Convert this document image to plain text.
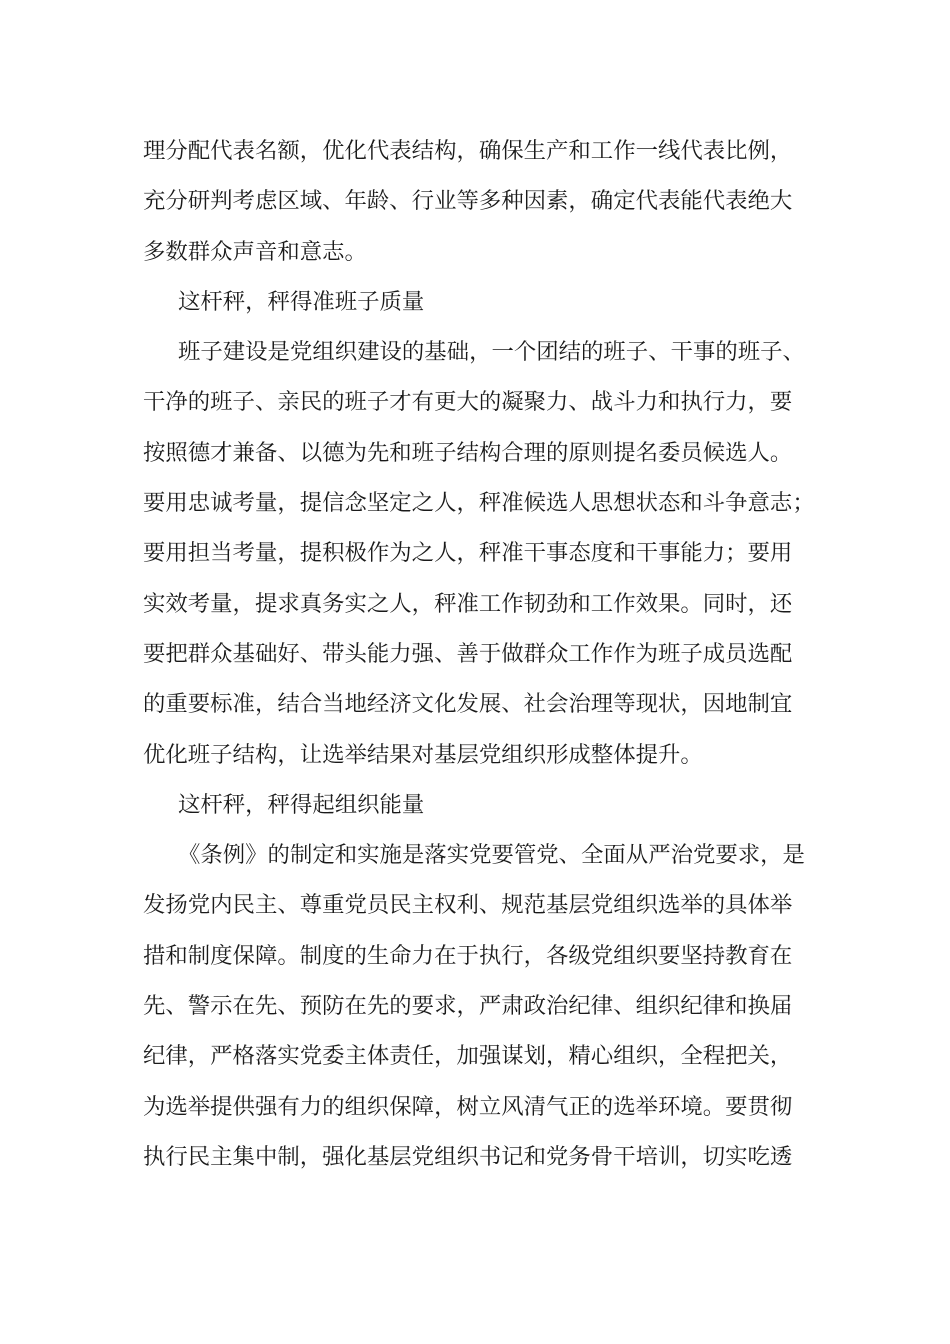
理分配代表名额，优化代表结构，确保生产和工作一线代表比例，
充分研判考虑区域、年龄、行业等多种因素，确定代表能代表绝大
多数群众声音和意志。
这杆秤，秤得准班子质量
班子建设是党组织建设的基础，一个团结的班子、干事的班子、
干净的班子、亲民的班子才有更大的凝聚力、战斗力和执行力，要
按照德才兼备、以德为先和班子结构合理的原则提名委员候选人。
要用忠诚考量，提信念坚定之人，秤准候选人思想状态和斗争意志；
要用担当考量，提积极作为之人，秤准干事态度和干事能力；要用
实效考量，提求真务实之人，秤准工作韧劲和工作效果。同时，还
要把群众基础好、带头能力强、善于做群众工作作为班子成员选配
的重要标准，结合当地经济文化发展、社会治理等现状，因地制宜
优化班子结构，让选举结果对基层党组织形成整体提升。
这杆秤，秤得起组织能量
《条例》的制定和实施是落实党要管党、全面从严治党要求，是
发扬党内民主、尊重党员民主权利、规范基层党组织选举的具体举
措和制度保障。制度的生命力在于执行，各级党组织要坚持教育在
先、警示在先、预防在先的要求，严肃政治纪律、组织纪律和换届
纪律，严格落实党委主体责任，加强谋划，精心组织，全程把关，
为选举提供强有力的组织保障，树立风清气正的选举环境。要贯彻
执行民主集中制，强化基层党组织书记和党务骨干培训，切实吃透
